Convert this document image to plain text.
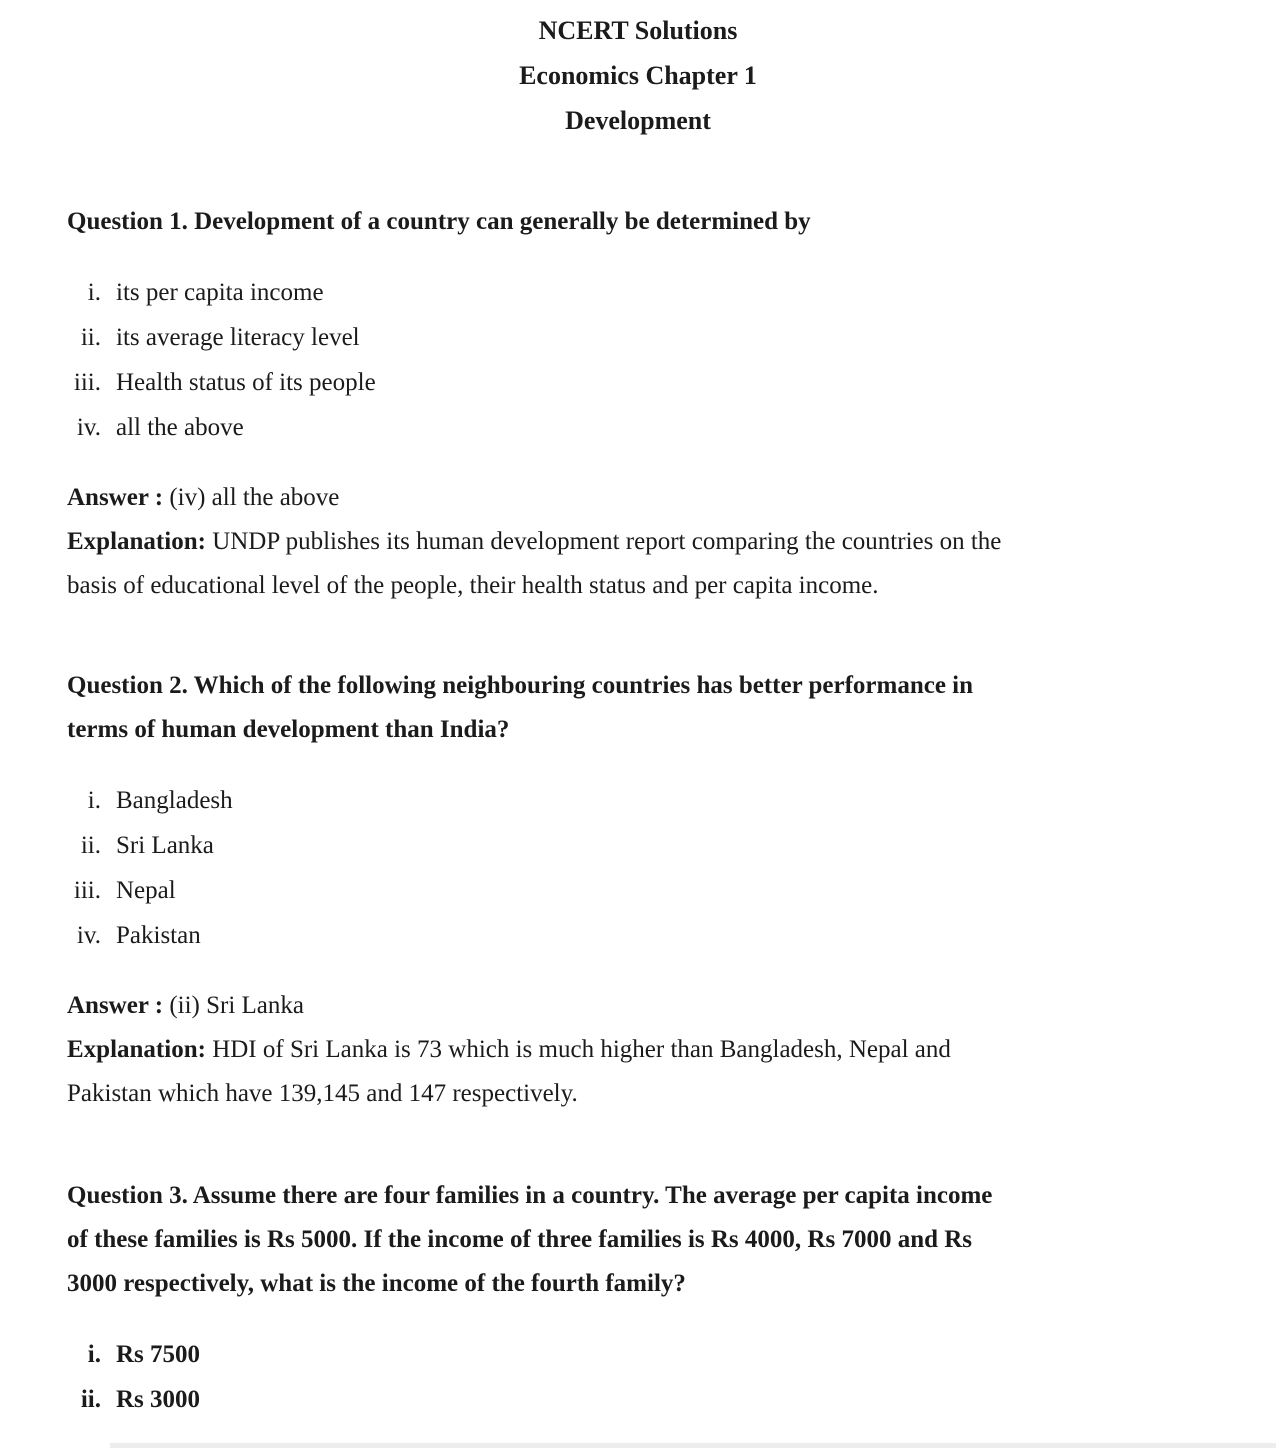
NCERT Solutions
Economics Chapter 1
Development
Question 1. Development of a country can generally be determined by
i. its per capita income
ii. its average literacy level
iii. Health status of its people
iv. all the above
Answer : (iv) all the above
Explanation: UNDP publishes its human development report comparing the countries on the
basis of educational level of the people, their health status and per capita income.
Question 2. Which of the following neighbouring countries has better performance in
terms of human development than India?
i. Bangladesh
ii. Sri Lanka
iii. Nepal
iv. Pakistan
Answer : (ii) Sri Lanka
Explanation: HDI of Sri Lanka is 73 which is much higher than Bangladesh, Nepal and
Pakistan which have 139,145 and 147 respectively.
Question 3. Assume there are four families in a country. The average per capita income
of these families is Rs 5000. If the income of three families is Rs 4000, Rs 7000 and Rs
3000 respectively, what is the income of the fourth family?
i. Rs 7500
ii. Rs 3000
